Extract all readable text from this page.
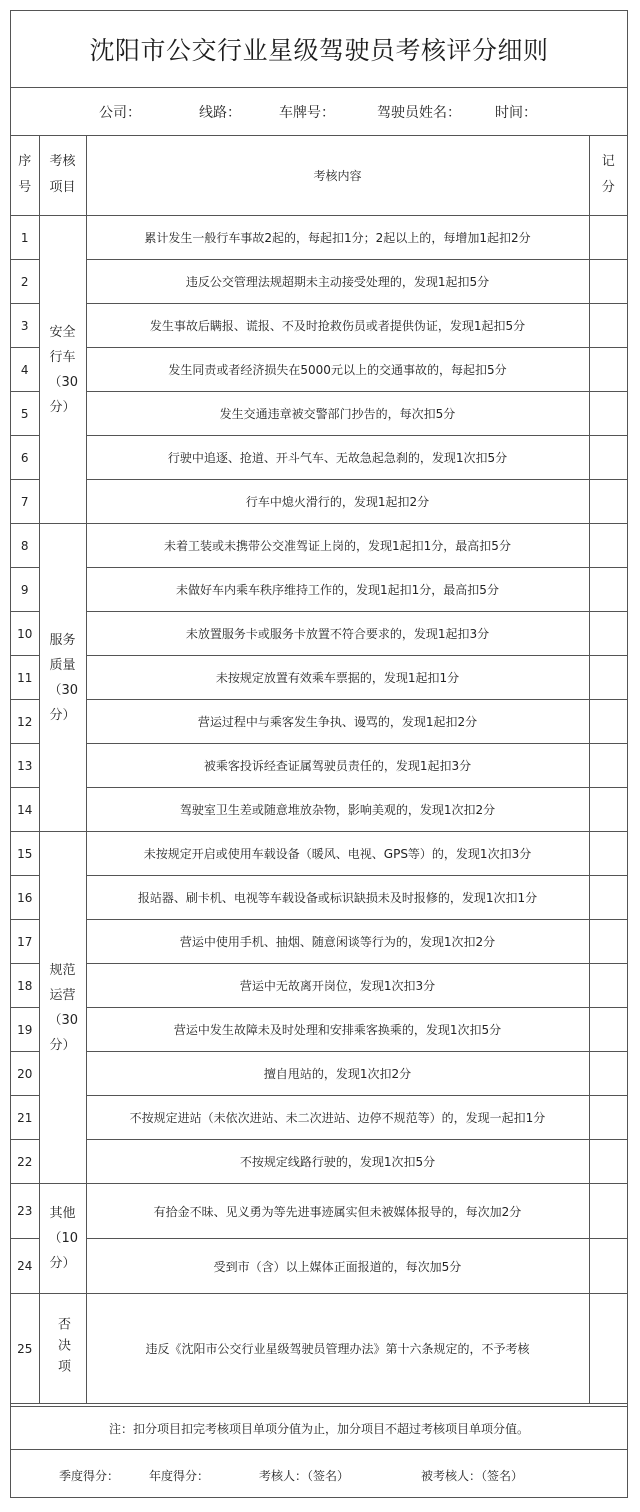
沈阳市公交行业星级驾驶员考核评分细则
公司：	线路：	车牌号：	驾驶员姓名： 时间：
序号	考核项目	考核内容	记分

1	安全行车（30分）	累计发生一般行车事故2起的，每起扣1分；2起以上的，每增加1起扣2分	
2		违反公交管理法规超期未主动接受处理的，发现1起扣5分	
3		发生事故后瞒报、谎报、不及时抢救伤员或者提供伪证，发现1起扣5分	
4		发生同责或者经济损失在5000元以上的交通事故的，每起扣5分	
5		发生交通违章被交警部门抄告的，每次扣5分	
6		行驶中追逐、抢道、开斗气车、无故急起急刹的，发现1次扣5分	
7		行车中熄火滑行的，发现1起扣2分	
8	服务质量（30分）	未着工装或未携带公交准驾证上岗的，发现1起扣1分，最高扣5分	
9		未做好车内乘车秩序维持工作的，发现1起扣1分，最高扣5分	
10		未放置服务卡或服务卡放置不符合要求的，发现1起扣3分	
11		未按规定放置有效乘车票据的，发现1起扣1分	
12		营运过程中与乘客发生争执、谩骂的，发现1起扣2分	
13		被乘客投诉经查证属驾驶员责任的，发现1起扣3分	
14		驾驶室卫生差或随意堆放杂物，影响美观的，发现1次扣2分	
15	规范运营（30分）	未按规定开启或使用车载设备（暖风、电视、GPS等）的，发现1次扣3分	
16		报站器、刷卡机、电视等车载设备或标识缺损未及时报修的，发现1次扣1分	
17		营运中使用手机、抽烟、随意闲谈等行为的，发现1次扣2分	
18		营运中无故离开岗位，发现1次扣3分	
19		营运中发生故障未及时处理和安排乘客换乘的，发现1次扣5分	
20		擅自甩站的，发现1次扣2分	
21		不按规定进站（未依次进站、未二次进站、边停不规范等）的，发现一起扣1分	
22		不按规定线路行驶的，发现1次扣5分	
23	其他（10分）	有拾金不昧、见义勇为等先进事迹属实但未被媒体报导的，每次加2分	
24		受到市（含）以上媒体正面报道的，每次加5分	
25	否决项	违反《沈阳市公交行业星级驾驶员管理办法》第十六条规定的，不予考核	
注：扣分项目扣完考核项目单项分值为止，加分项目不超过考核项目单项分值。
季度得分： 年度得分：	考核人：（签名）	被考核人：（签名）
